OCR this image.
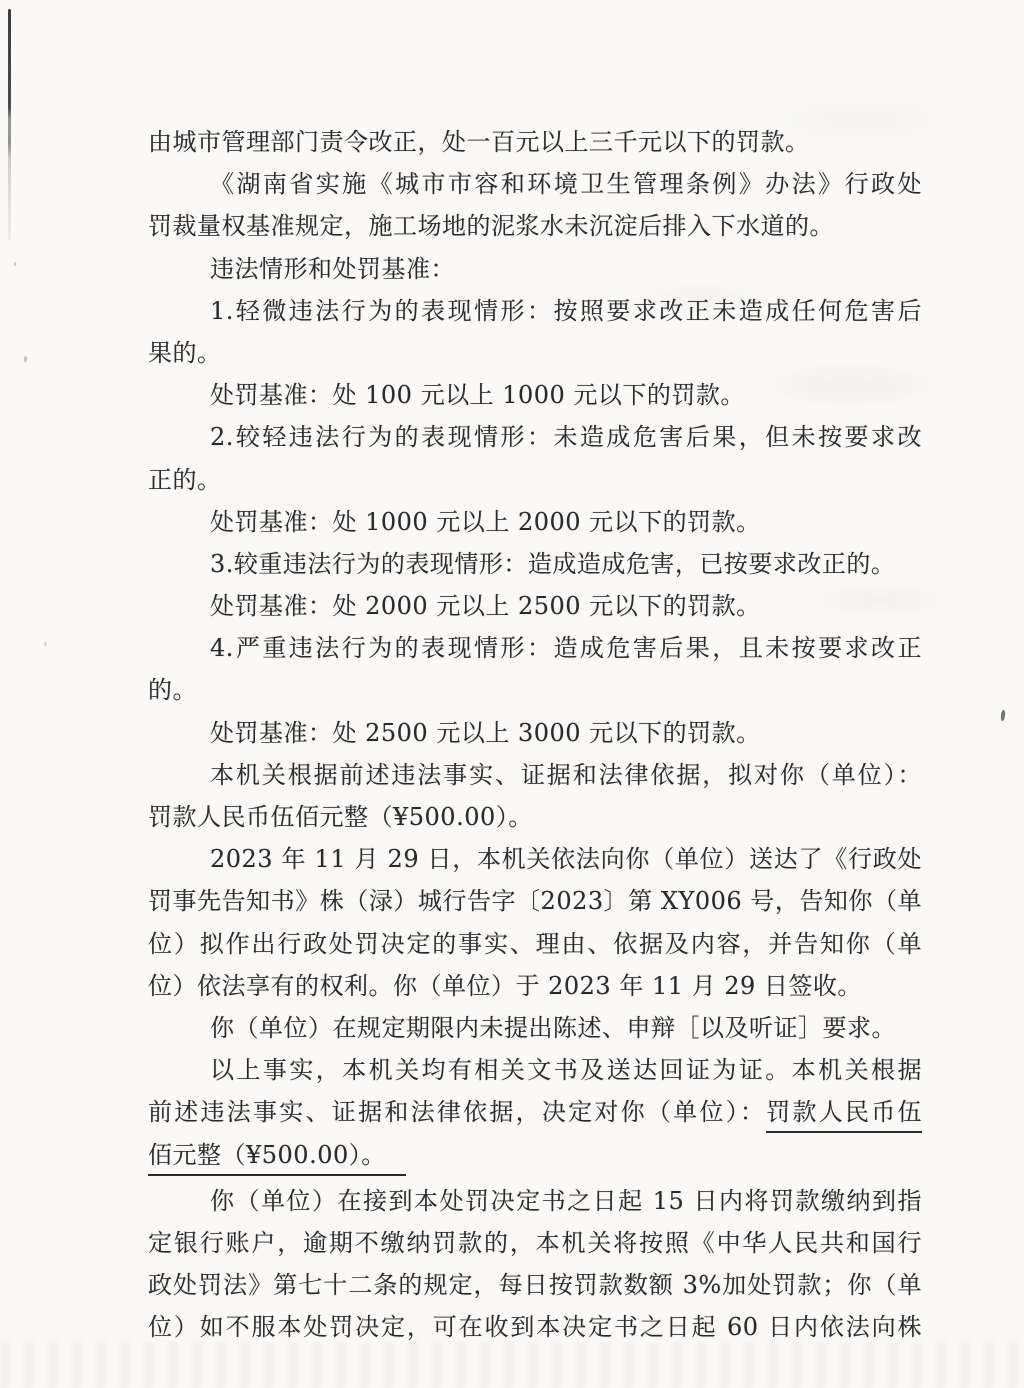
由城市管理部门责令改正，处一百元以上三千元以下的罚款。
《湖南省实施《城市市容和环境卫生管理条例》办法》行政处
罚裁量权基准规定，施工场地的泥浆水未沉淀后排入下水道的。
违法情形和处罚基准：
1.轻微违法行为的表现情形：按照要求改正未造成任何危害后
果的。
处罚基准：处 100 元以上 1000 元以下的罚款。
2.较轻违法行为的表现情形：未造成危害后果，但未按要求改
正的。
处罚基准：处 1000 元以上 2000 元以下的罚款。
3.较重违法行为的表现情形：造成造成危害，已按要求改正的。
处罚基准：处 2000 元以上 2500 元以下的罚款。
4.严重违法行为的表现情形：造成危害后果，且未按要求改正
的。
处罚基准：处 2500 元以上 3000 元以下的罚款。
本机关根据前述违法事实、证据和法律依据，拟对你（单位）：
罚款人民币伍佰元整（¥500.00）。
2023 年 11 月 29 日，本机关依法向你（单位）送达了《行政处
罚事先告知书》株（渌）城行告字〔2023〕第 XY006 号，告知你（单
位）拟作出行政处罚决定的事实、理由、依据及内容，并告知你（单
位）依法享有的权利。你（单位）于 2023 年 11 月 29 日签收。
你（单位）在规定期限内未提出陈述、申辩［以及听证］要求。
以上事实，本机关均有相关文书及送达回证为证。本机关根据
前述违法事实、证据和法律依据，决定对你（单位）：罚款人民币伍
佰元整（¥500.00）。
你（单位）在接到本处罚决定书之日起 15 日内将罚款缴纳到指
定银行账户，逾期不缴纳罚款的，本机关将按照《中华人民共和国行
政处罚法》第七十二条的规定，每日按罚款数额 3%加处罚款；你（单
位）如不服本处罚决定，可在收到本决定书之日起 60 日内依法向株
